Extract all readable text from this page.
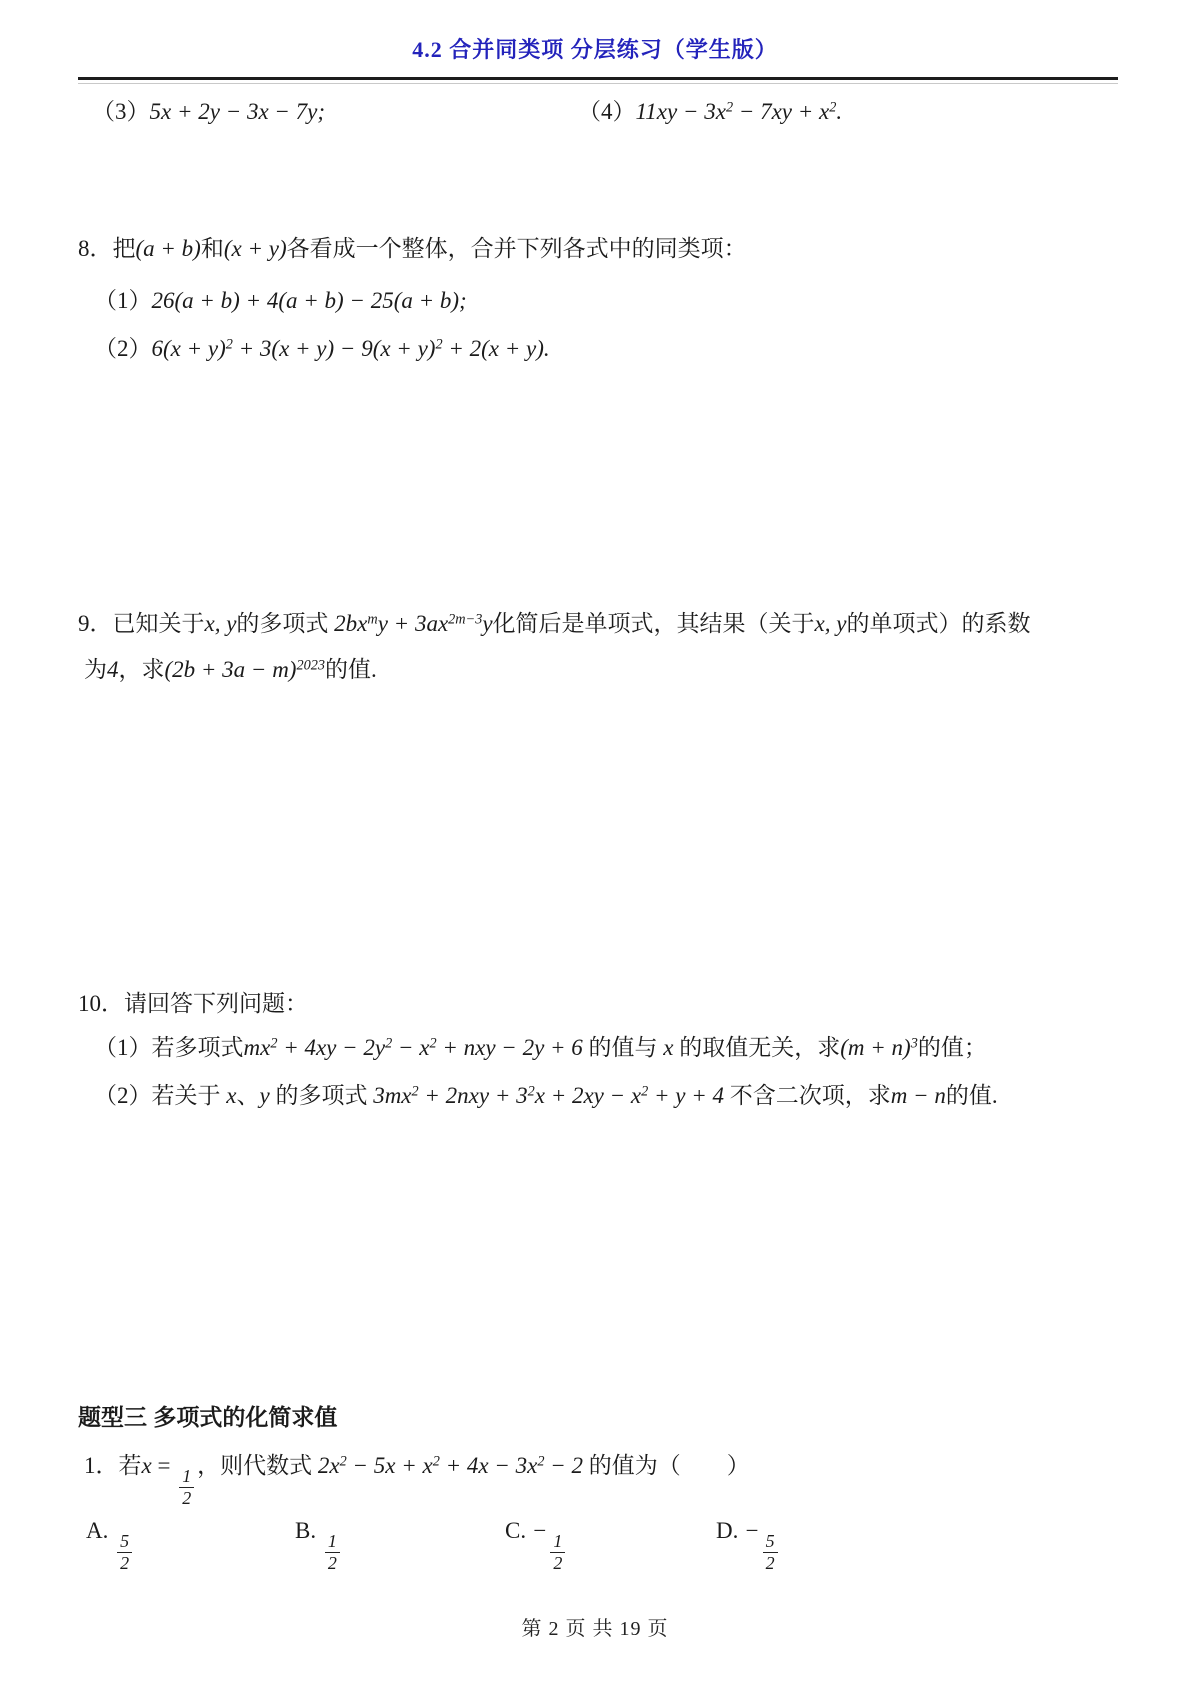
4.2 合并同类项 分层练习（学生版）
（3）5x + 2y − 3x − 7y;	$(4)11xy - 3x^2 - 7xy + x^2$.
8．把(a + b)和(x + y)各看成一个整体，合并下列各式中的同类项：
（1）26(a + b) + 4(a + b) − 25(a + b);
$(2)6(x + y)^2 + 3(x + y) - 9(x + y)^2 + 2(x + y)$.
9．已知关于x, y的多项式 $2bx^my + 3ax^{2m-3}y$化简后是单项式，其结果（关于x, y的单项式）的系数
为4，求$(2b + 3a - m)^{2023}$的值.
10．请回答下列问题：
（1）若多项式$mx^2 + 4xy - 2y^2 - x^2$ + nxy − 2y + 6 的值与 x 的取值无关，求$(m + n)^3$的值；
（2）若关于 x、y 的多项式 $3mx^2 + 2nxy + 3^2x + 2xy - x^2 + y + 4$ 不含二次项，求m − n的值.
题型三 多项式的化简求值
1．若x =
$\frac{1}{2}$
，则代数式 $2x^2 - 5x + x^2 + 4x - 3x^2 - 2$ 的值为（　　）
A.
$\frac{5}{2}$
B.
$\frac{1}{2}$
C. −
$\frac{1}{2}$
D. −
$\frac{5}{2}$
第 2 页 共 19 页
